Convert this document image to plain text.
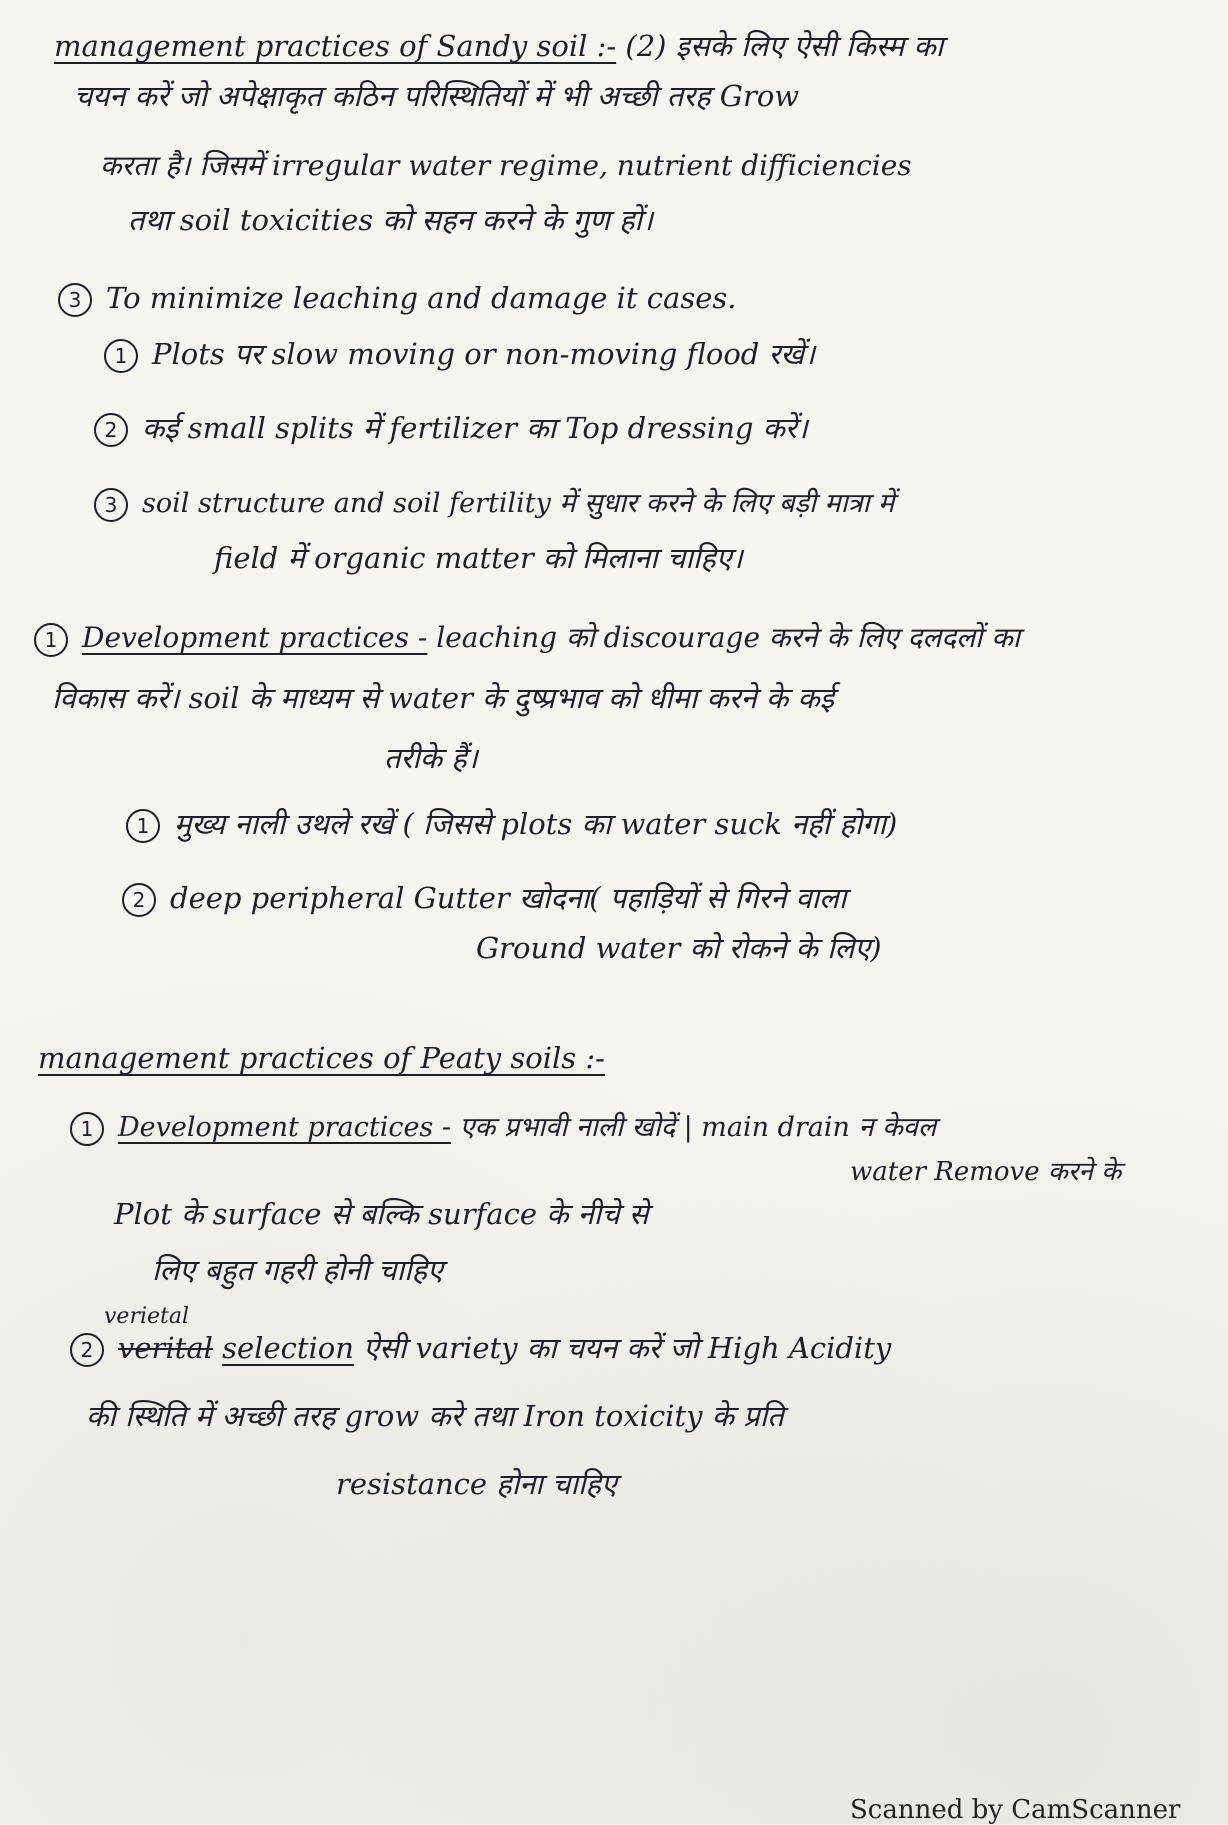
management practices of Sandy soil :- (2) इसके लिए ऐसी किस्म का
चयन करें जो अपेक्षाकृत कठिन परिस्थितियों में भी अच्छी तरह Grow
करता है। जिसमें irregular water regime, nutrient difficiencies
तथा soil toxicities को सहन करने के गुण हों।
3 To minimize leaching and damage it cases.
1 Plots पर slow moving or non-moving flood रखें।
2 कई small splits में fertilizer का Top dressing करें।
3 soil structure and soil fertility में सुधार करने के लिए बड़ी मात्रा में
field में organic matter को मिलाना चाहिए।
1 Development practices - leaching को discourage करने के लिए दलदलों का
विकास करें। soil के माध्यम से water के दुष्प्रभाव को धीमा करने के कई
तरीके हैं।
1 मुख्य नाली उथले रखें ( जिससे plots का water suck नहीं होगा)
2 deep peripheral Gutter खोदना( पहाड़ियों से गिरने वाला
Ground water को रोकने के लिए)
management practices of Peaty soils :-
1 Development practices - एक प्रभावी नाली खोदें | main drain न केवल
water Remove करने के
Plot के surface से बल्कि surface के नीचे से
लिए बहुत गहरी होनी चाहिए
verietal
2 verital selection ऐसी variety का चयन करें जो High Acidity
की स्थिति में अच्छी तरह grow करे तथा Iron toxicity के प्रति
resistance होना चाहिए
Scanned by CamScanner
